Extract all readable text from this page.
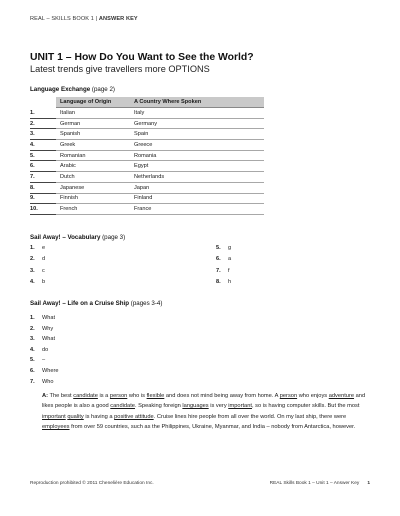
REAL – SKILLS BOOK 1 | ANSWER KEY
UNIT 1 – How Do You Want to See the World?
Latest trends give travellers more OPTIONS
Language Exchange (page 2)
	Language of Origin	A Country Where Spoken
1.	Italian	Italy
2.	German	Germany
3.	Spanish	Spain
4.	Greek	Greece
5.	Romanian	Romania
6.	Arabic	Egypt
7.	Dutch	Netherlands
8.	Japanese	Japan
9.	Finnish	Finland
10.	French	France
Sail Away! – Vocabulary (page 3)
1. e
2. d
3. c
4. b
5. g
6. a
7. f
8. h
Sail Away! – Life on a Cruise Ship (pages 3-4)
1. What
2. Why
3. What
4. do
5. –
6. Where
7. Who
A: The best candidate is a person who is flexible and does not mind being away from home. A person who enjoys adventure and likes people is also a good candidate. Speaking foreign languages is very important, so is having computer skills. But the most important quality is having a positive attitude. Cruise lines hire people from all over the world. On my last ship, there were employees from over 59 countries, such as the Philippines, Ukraine, Myanmar, and India – nobody from Antarctica, however.
Reproduction prohibited © 2011 Chenelière Education Inc.	REAL Skills Book 1 – Unit 1 – Answer Key 1
